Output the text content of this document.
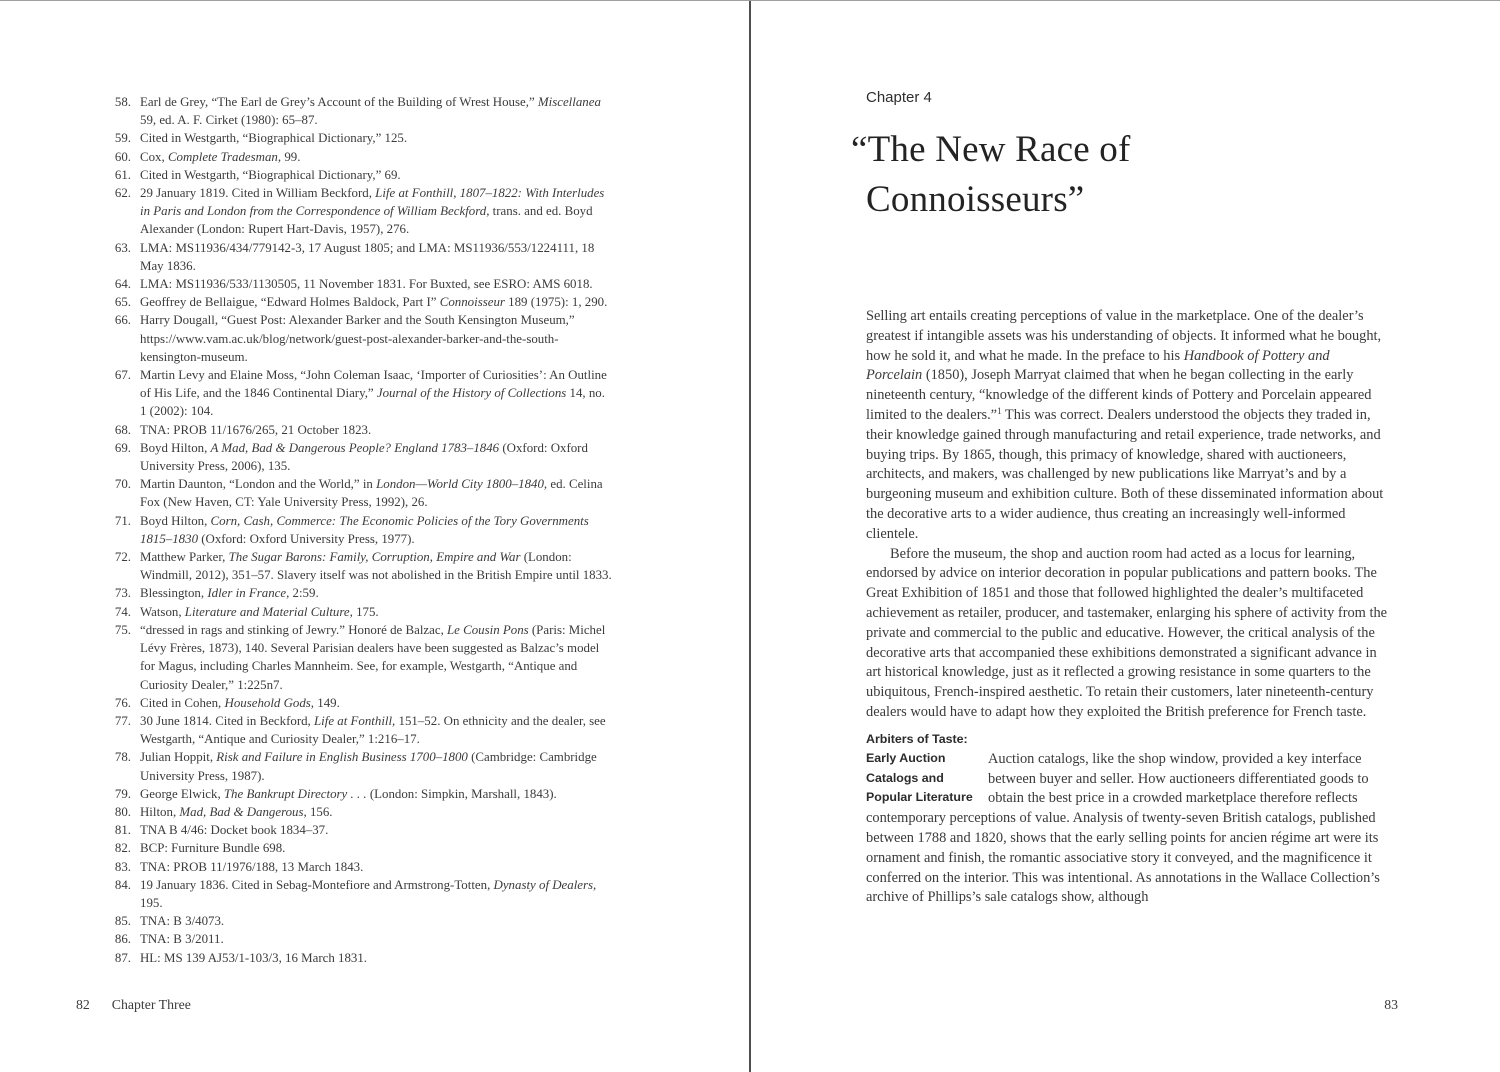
58. Earl de Grey, “The Earl de Grey’s Account of the Building of Wrest House,” Miscellanea 59, ed. A. F. Cirket (1980): 65–87.
59. Cited in Westgarth, “Biographical Dictionary,” 125.
60. Cox, Complete Tradesman, 99.
61. Cited in Westgarth, “Biographical Dictionary,” 69.
62. 29 January 1819. Cited in William Beckford, Life at Fonthill, 1807–1822: With Interludes in Paris and London from the Correspondence of William Beckford, trans. and ed. Boyd Alexander (London: Rupert Hart-Davis, 1957), 276.
63. LMA: MS11936/434/779142-3, 17 August 1805; and LMA: MS11936/553/1224111, 18 May 1836.
64. LMA: MS11936/533/1130505, 11 November 1831. For Buxted, see ESRO: AMS 6018.
65. Geoffrey de Bellaigue, “Edward Holmes Baldock, Part I” Connoisseur 189 (1975): 1, 290.
66. Harry Dougall, “Guest Post: Alexander Barker and the South Kensington Museum,” https://www.vam.ac.uk/blog/network/guest-post-alexander-barker-and-the-south-kensington-museum.
67. Martin Levy and Elaine Moss, “John Coleman Isaac, ‘Importer of Curiosities’: An Outline of His Life, and the 1846 Continental Diary,” Journal of the History of Collections 14, no. 1 (2002): 104.
68. TNA: PROB 11/1676/265, 21 October 1823.
69. Boyd Hilton, A Mad, Bad & Dangerous People? England 1783–1846 (Oxford: Oxford University Press, 2006), 135.
70. Martin Daunton, “London and the World,” in London—World City 1800–1840, ed. Celina Fox (New Haven, CT: Yale University Press, 1992), 26.
71. Boyd Hilton, Corn, Cash, Commerce: The Economic Policies of the Tory Governments 1815–1830 (Oxford: Oxford University Press, 1977).
72. Matthew Parker, The Sugar Barons: Family, Corruption, Empire and War (London: Windmill, 2012), 351–57. Slavery itself was not abolished in the British Empire until 1833.
73. Blessington, Idler in France, 2:59.
74. Watson, Literature and Material Culture, 175.
75. “dressed in rags and stinking of Jewry.” Honoré de Balzac, Le Cousin Pons (Paris: Michel Lévy Frères, 1873), 140. Several Parisian dealers have been suggested as Balzac’s model for Magus, including Charles Mannheim. See, for example, Westgarth, “Antique and Curiosity Dealer,” 1:225n7.
76. Cited in Cohen, Household Gods, 149.
77. 30 June 1814. Cited in Beckford, Life at Fonthill, 151–52. On ethnicity and the dealer, see Westgarth, “Antique and Curiosity Dealer,” 1:216–17.
78. Julian Hoppit, Risk and Failure in English Business 1700–1800 (Cambridge: Cambridge University Press, 1987).
79. George Elwick, The Bankrupt Directory . . . (London: Simpkin, Marshall, 1843).
80. Hilton, Mad, Bad & Dangerous, 156.
81. TNA B 4/46: Docket book 1834–37.
82. BCP: Furniture Bundle 698.
83. TNA: PROB 11/1976/188, 13 March 1843.
84. 19 January 1836. Cited in Sebag-Montefiore and Armstrong-Totten, Dynasty of Dealers, 195.
85. TNA: B 3/4073.
86. TNA: B 3/2011.
87. HL: MS 139 AJ53/1-103/3, 16 March 1831.
82 Chapter Three
Chapter 4
“The New Race of
Connoisseurs”

Selling art entails creating perceptions of value in the marketplace. One of the dealer’s greatest if intangible assets was his understanding of objects. It informed what he bought, how he sold it, and what he made. In the preface to his Handbook of Pottery and Porcelain (1850), Joseph Marryat claimed that when he began collecting in the early nineteenth century, “knowledge of the different kinds of Pottery and Porcelain appeared limited to the dealers.”$^1$ This was correct. Dealers understood the objects they traded in, their knowledge gained through manufacturing and retail experience, trade networks, and buying trips. By 1865, though, this primacy of knowledge, shared with auctioneers, architects, and makers, was challenged by new publications like Marryat’s and by a burgeoning museum and exhibition culture. Both of these disseminated information about the decorative arts to a wider audience, thus creating an increasingly well-informed clientele.

Before the museum, the shop and auction room had acted as a locus for learning, endorsed by advice on interior decoration in popular publications and pattern books. The Great Exhibition of 1851 and those that followed highlighted the dealer’s multifaceted achievement as retailer, producer, and tastemaker, enlarging his sphere of activity from the private and commercial to the public and educative. However, the critical analysis of the decorative arts that accompanied these exhibitions demonstrated a significant advance in art historical knowledge, just as it reflected a growing resistance in some quarters to the ubiquitous, French-inspired aesthetic. To retain their customers, later nineteenth-century dealers would have to adapt how they exploited the British preference for French taste.

Arbiters of Taste:
Early Auction
Catalogs and
Popular Literature

Auction catalogs, like the shop window, provided a key interface between buyer and seller. How auctioneers differentiated goods to obtain the best price in a crowded marketplace therefore reflects contemporary perceptions of value. Analysis of twenty-seven British catalogs, published between 1788 and 1820, shows that the early selling points for ancien régime art were its ornament and finish, the romantic associative story it conveyed, and the magnificence it conferred on the interior. This was intentional. As annotations in the Wallace Collection’s archive of Phillips’s sale catalogs show, although

83
